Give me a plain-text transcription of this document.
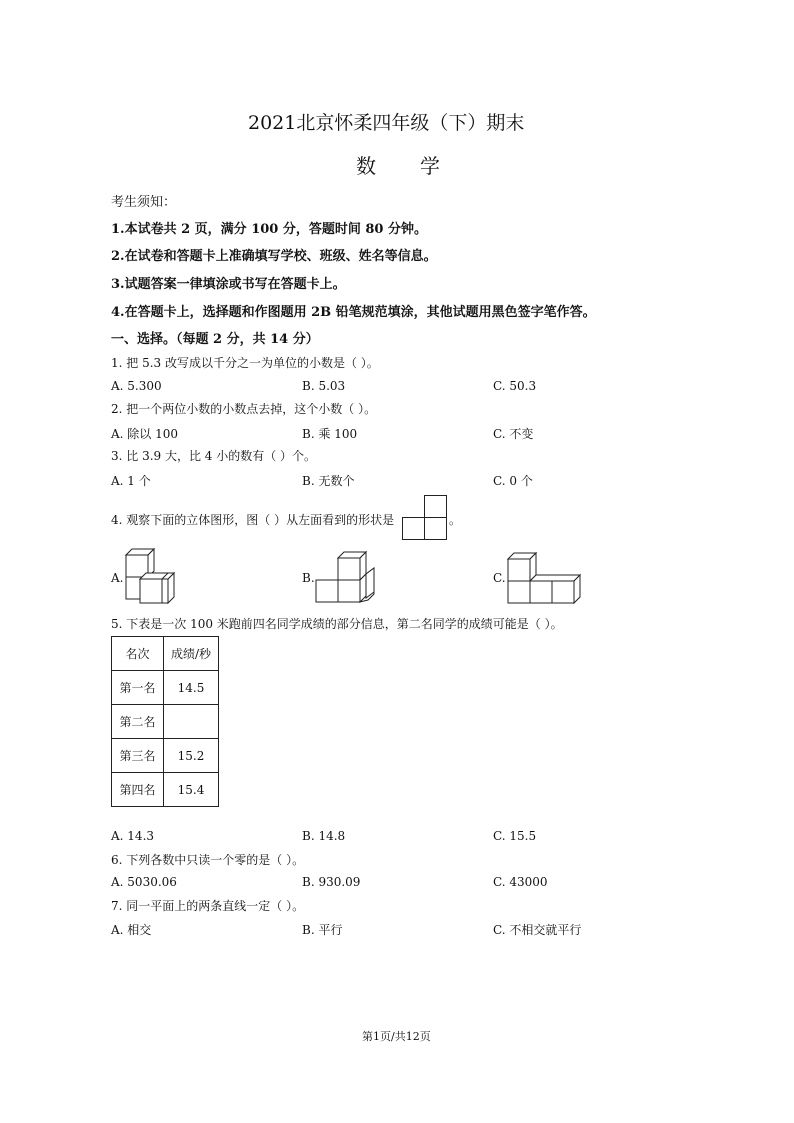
2021北京怀柔四年级（下）期末
数 学
考生须知：
1.本试卷共 2 页，满分 100 分，答题时间 80 分钟。
2.在试卷和答题卡上准确填写学校、班级、姓名等信息。
3.试题答案一律填涂或书写在答题卡上。
4.在答题卡上，选择题和作图题用 2B 铅笔规范填涂，其他试题用黑色签字笔作答。
一、选择。（每题 2 分，共 14 分）
1. 把 5.3 改写成以千分之一为单位的小数是（ ）。
A. 5.300	B. 5.03	C. 50.3
2. 把一个两位小数的小数点去掉，这个小数（ ）。
A. 除以 100	B. 乘 100	C. 不变
3. 比 3.9 大，比 4 小的数有（ ）个。
A. 1 个	B. 无数个	C. 0 个
4. 观察下面的立体图形，图（ ）从左面看到的形状是	。
A.	B.	C.
5. 下表是一次 100 米跑前四名同学成绩的部分信息，第二名同学的成绩可能是（ ）。
名次	成绩/秒
第一名	14.5
第二名	
第三名	15.2
第四名	15.4
A. 14.3	B. 14.8	C. 15.5
6. 下列各数中只读一个零的是（ ）。
A. 5030.06	B. 930.09	C. 43000
7. 同一平面上的两条直线一定（ ）。
A. 相交	B. 平行	C. 不相交就平行
第1页/共12页
